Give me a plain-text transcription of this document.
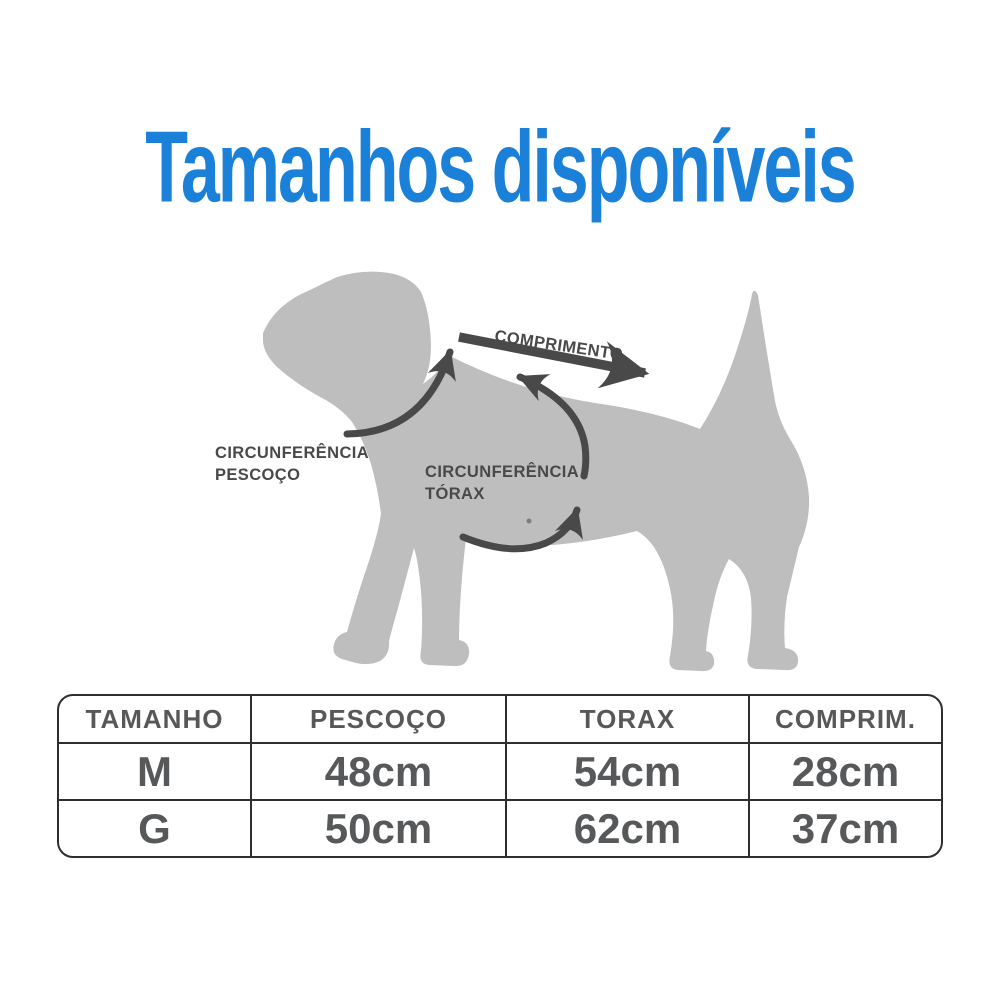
Tamanhos disponíveis
COMPRIMENTO
CIRCUNFERÊNCIA
PESCOÇO	CIRCUNFERÊNCIA
TÓRAX
TAMANHO	PESCOÇO	TORAX	COMPRIM.
M	48cm	54cm	28cm
G	50cm	62cm	37cm
